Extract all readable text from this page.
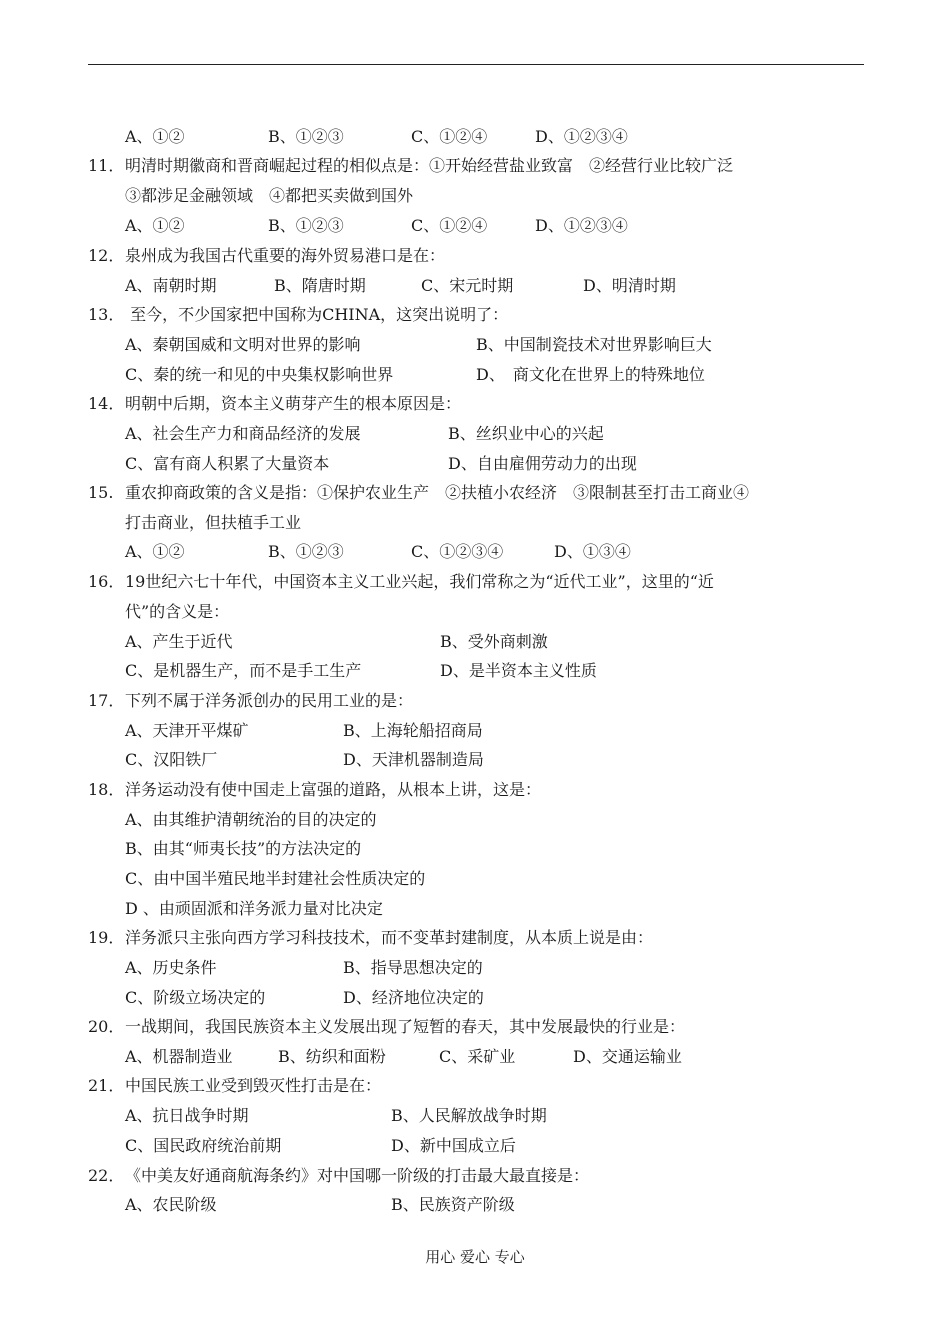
A、①②	B、①②③	C、①②④	D、①②③④
11． 明清时期徽商和晋商崛起过程的相似点是：①开始经营盐业致富　②经营行业比较广泛
③都涉足金融领域　④都把买卖做到国外
A、①②	B、①②③	C、①②④	D、①②③④
12． 泉州成为我国古代重要的海外贸易港口是在：
A、南朝时期	B、隋唐时期	C、宋元时期	D、明清时期
13． 至今，不少国家把中国称为CHINA，这突出说明了：
A、秦朝国威和文明对世界的影响	B、中国制瓷技术对世界影响巨大
C、秦的统一和见的中央集权影响世界	D、　商文化在世界上的特殊地位
14． 明朝中后期，资本主义萌芽产生的根本原因是：
A、社会生产力和商品经济的发展	B、丝织业中心的兴起
C、富有商人积累了大量资本	D、自由雇佣劳动力的出现
15. 重农抑商政策的含义是指：①保护农业生产　②扶植小农经济　③限制甚至打击工商业④
打击商业，但扶植手工业
A、①②	B、①②③	C、①②③④	D、①③④
16． 19世纪六七十年代，中国资本主义工业兴起，我们常称之为“近代工业”，这里的“近
代”的含义是：
A、产生于近代	B、受外商刺激
C、是机器生产，而不是手工生产	D、是半资本主义性质
17． 下列不属于洋务派创办的民用工业的是：
A、天津开平煤矿	B、上海轮船招商局
C、汉阳铁厂	D、天津机器制造局
18． 洋务运动没有使中国走上富强的道路，从根本上讲，这是：
A、由其维护清朝统治的目的决定的
B、由其“师夷长技”的方法决定的
C、由中国半殖民地半封建社会性质决定的
D 、由顽固派和洋务派力量对比决定
19． 洋务派只主张向西方学习科技技术，而不变革封建制度，从本质上说是由：
A、历史条件	B、指导思想决定的
C、阶级立场决定的	D、经济地位决定的
20． 一战期间，我国民族资本主义发展出现了短暂的春天，其中发展最快的行业是：
A、机器制造业	B、纺织和面粉	C、采矿业	D、交通运输业
21． 中国民族工业受到毁灭性打击是在：
A、抗日战争时期	B、人民解放战争时期
C、国民政府统治前期	D、新中国成立后
22． 《中美友好通商航海条约》对中国哪一阶级的打击最大最直接是：
A、农民阶级	B、民族资产阶级
用心 爱心 专心
